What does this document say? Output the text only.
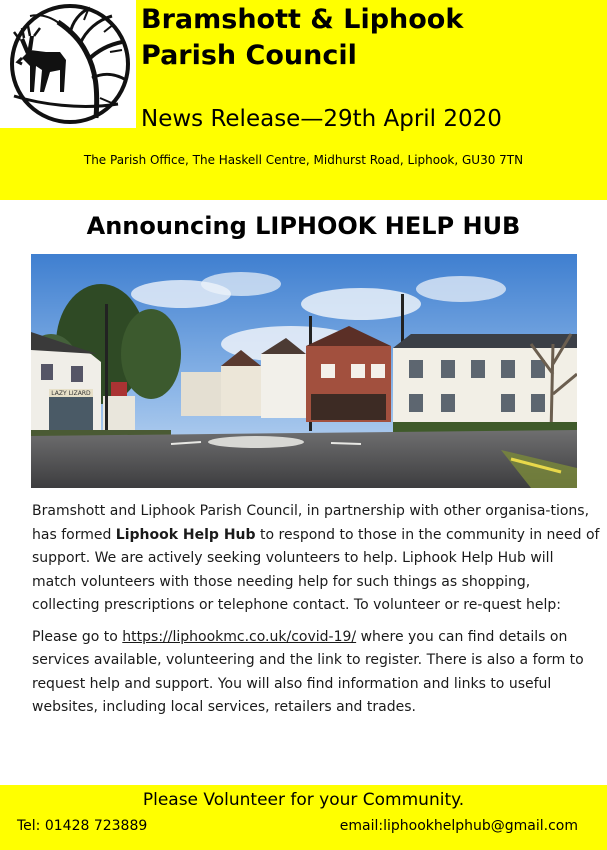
Bramshott & Liphook
Parish Council
News Release—29th April 2020
The Parish Office, The Haskell Centre, Midhurst Road, Liphook, GU30 7TN
Announcing LIPHOOK HELP HUB
LAZY LIZARD

Bramshott and Liphook Parish Council, in partnership with other organisa-tions, has formed Liphook Help Hub to respond to those in the community in need of support. We are actively seeking volunteers to help. Liphook Help Hub will match volunteers with those needing help for such things as shopping, collecting prescriptions or telephone contact. To volunteer or re-quest help:

Please go to https://liphookmc.co.uk/covid-19/ where you can find details on services available, volunteering and the link to register. There is also a form to request help and support. You will also find information and links to useful websites, including local services, retailers and trades.

Please Volunteer for your Community.
Tel: 01428 723889	email:liphookhelphub@gmail.com
